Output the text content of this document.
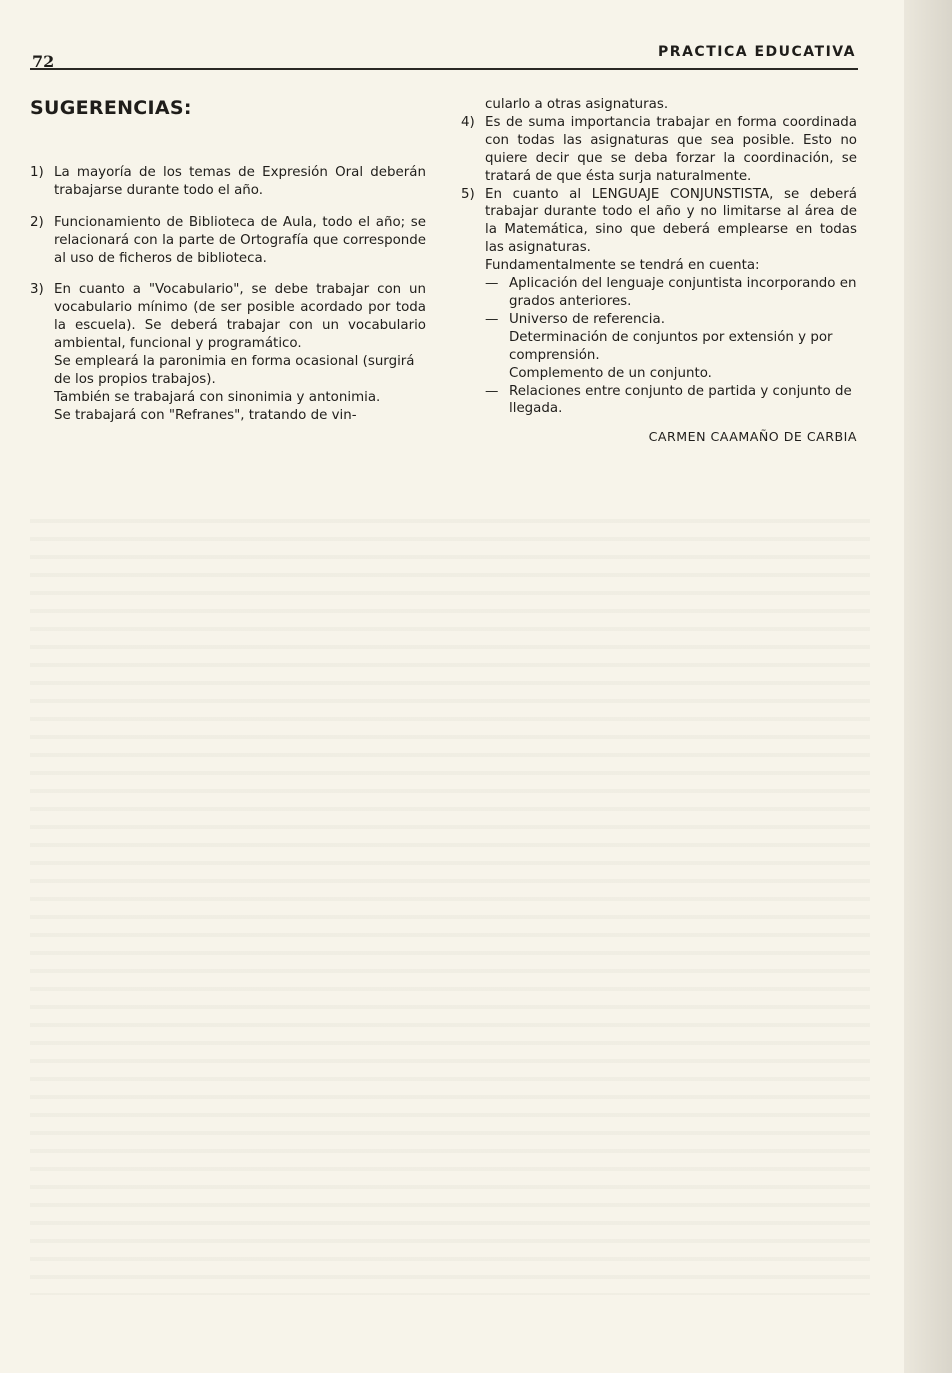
72	PRACTICA EDUCATIVA
SUGERENCIAS:
1) La mayoría de los temas de Expresión Oral deberán trabajarse durante todo el año.

2) Funcionamiento de Biblioteca de Aula, todo el año; se relacionará con la parte de Ortografía que corresponde al uso de ficheros de biblioteca.

3) En cuanto a "Vocabulario", se debe trabajar con un vocabulario mínimo (de ser posible acordado por toda la escuela). Se deberá trabajar con un vocabulario ambiental, funcional y programático.

Se empleará la paronimia en forma ocasional (surgirá de los propios trabajos).

También se trabajará con sinonimia y antonimia.

Se trabajará con "Refranes", tratando de vin-

cularlo a otras asignaturas.

4) Es de suma importancia trabajar en forma coordinada con todas las asignaturas que sea posible. Esto no quiere decir que se deba forzar la coordinación, se tratará de que ésta surja naturalmente.

5) En cuanto al LENGUAJE CONJUNSTISTA, se deberá trabajar durante todo el año y no limitarse al área de la Matemática, sino que deberá emplearse en todas las asignaturas.

Fundamentalmente se tendrá en cuenta:

— Aplicación del lenguaje conjuntista incorporando en grados anteriores.

— Universo de referencia.

Determinación de conjuntos por extensión y por comprensión.

Complemento de un conjunto.

— Relaciones entre conjunto de partida y conjunto de llegada.

CARMEN CAAMAÑO DE CARBIA
